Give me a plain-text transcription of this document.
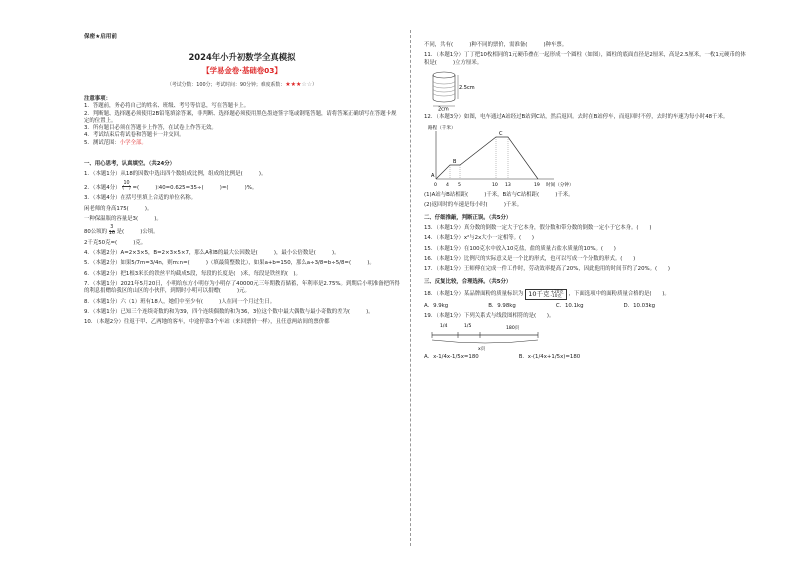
保密★启用前
2024年小升初数学全真模拟
【学易金卷·基础卷03】
（考试分数：100分；考试时间：90分钟；难度系数：★★★☆☆）
注意事项：
1．答题前，务必将自己的姓名、班级、考号等信息，写在答题卡上。
2．判断题、选择题必须使用2B铅笔填涂答案，非判断、选择题必须使用黑色墨迹签字笔或钢笔答题，请将答案正确填写在答题卡规定的位置上。
3．所有题目必须在答题卡上作答，在试卷上作答无效。
4．考试结束后将试卷和答题卡一并交回。
5．测试范围：小学全部。
一、用心思考，认真填空。（共24分）
1．（本题1分）从18的因数中选出四个数组成比例，组成的比例是(　　　)。
2．（本题4分） $\frac{10}{( )}$ =(　　　)∶40=0.625=35÷(　　　)=(　　　)%。
3．（本题4分）在括号里填上合适的单位名称。
闲老师的身高175(　　　)。
一种保温瓶的容量是3(　　　)。
80公顷的 $\frac{3}{16}$ 是(　　　)公顷。
2千克50克=(　　　)克。
4．（本题2分）A=2×3×5，B=2×3×5×7，那么A和B的最大公因数是(　　　)，最小公倍数是(　　　)。
5．（本题2分）如果5/7m=3/4n，则m:n=(　　　)（填最简整数比），如果a+b=150，那么a÷3/8=b÷5/8=(　　　)。
6．（本题2分）把1根3米长的铁丝平均截成5段，每段的长度是(　)米，每段是铁丝的(　)。
7．（本题1分）2021年5月20日，小明给东方小明存为小明存了40000元三年期教育储蓄，年利率是2.75%。到期后小明准备把所得的利息捐赠给我区的山区的小伙伴，到期时小明可以捐赠(　　　)元。
8．（本题1分）六（1）班有18人，她们中至少有(　　　)人在同一个月过生日。
9．（本题1分）已知三个连续奇数的和为39，四个连续偶数的和为36，3位这个数中最大偶数与最小奇数的差为(　　　)。
10．（本题2分）往返于甲、乙两地的客车，中途停靠3个车站（来回票价一样），且任意两站间的票价都
不同，共有(　　　)种不同的票价，需准备(　　　)种车票。
11．（本题1分）丁丁把10枚相同的1元硬币叠在一起形成一个圆柱（如图），圆柱的底面直径是2厘米，高是2.5厘米，一枚1元硬币的体积是(　　　)立方厘米。
2.5cm
2cm
12．（本题3分）如图，电车通过A站经过B站到C站，然后返回。去时在B站停车，而返回时不停，去时的车速为每小时48千米。
路程（千米）
A
B
C
0 4 5	10 13	19 时间（分钟）
(1)A站与B站相距(　　　)千米，B站与C站相距(　　　)千米。
(2)返回时的车速是每小时(　　　)千米。
二、仔细推敲，判断正误。（共5分）
13．（本题1分）真分数的倒数一定大于它本身，假分数和带分数的倒数一定小于它本身。(　　)
14．（本题1分）x²与2x大小一定相等。(　　)
15．（本题1分）在100克水中放入10克盐，盐的质量占盐水质量的10%。(　　)
16．（本题1分）比例尺的实际意义是一个比的形式，也可以写成一个分数的形式。(　　)
17．（本题1分）王师傅在完成一件工作时，劳动效率提高了20%，因此他用的时间节约了20%。(　　)
三、反复比较，合理选择。（共5分）
18．（本题1分）某品牌面粉的质量标识为 10千克 +20克
-10克	，下面选项中的面粉质量合格的是(　　)。
A．9.9kg	B．9.98kg	C．10.1kg	D．10.03kg
19．（本题1分）下列关系式与线段图相符的是(　　)。
1/4	1/5	180页
x页
A．x-1/4x-1/5x=180	B．x-(1/4x+1/5x)=180
